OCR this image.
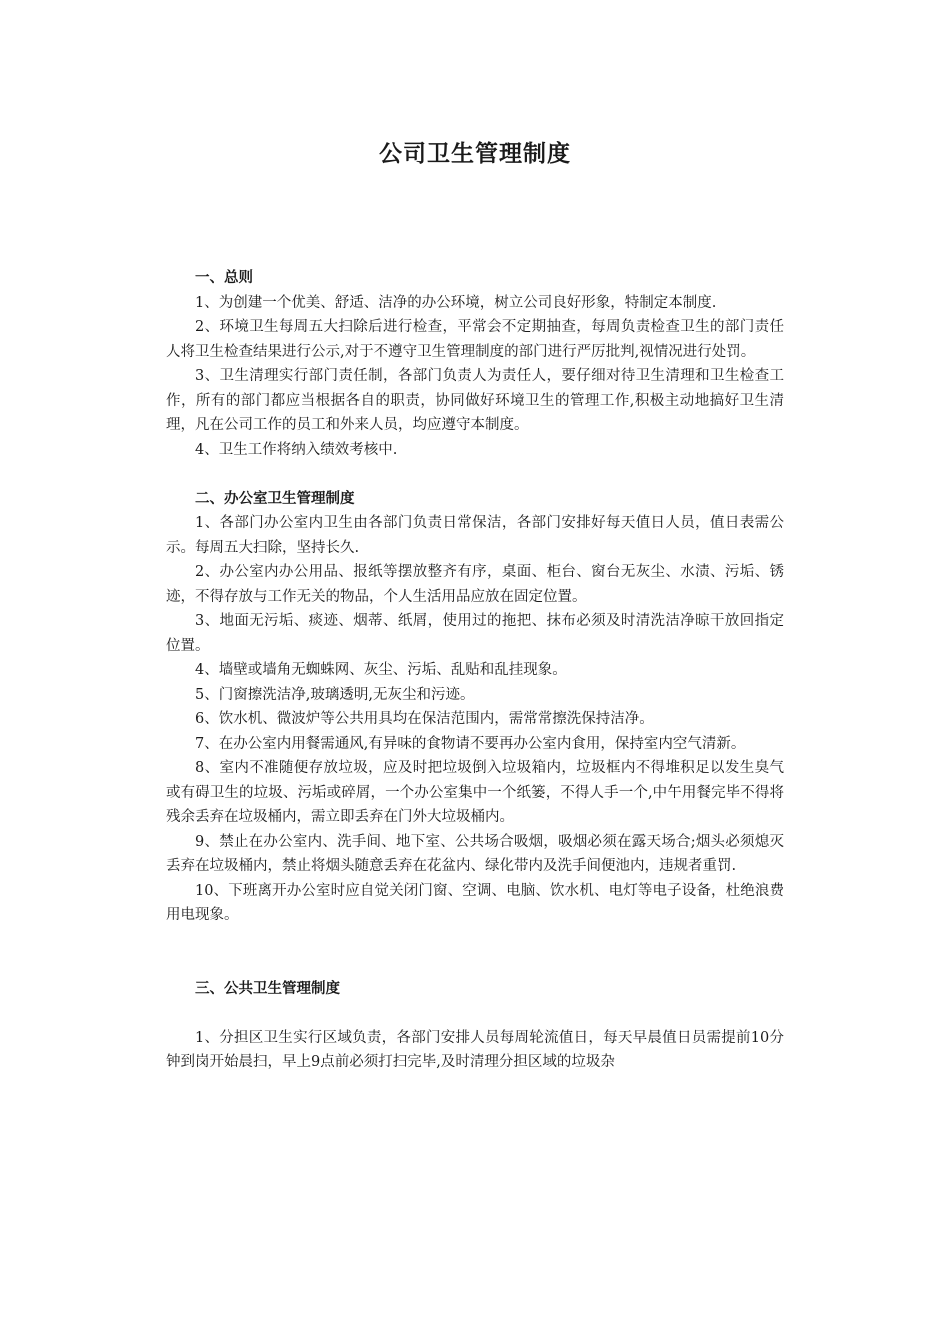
公司卫生管理制度
一、总则

1、为创建一个优美、舒适、洁净的办公环境，树立公司良好形象，特制定本制度.

2、环境卫生每周五大扫除后进行检查，平常会不定期抽查，每周负责检查卫生的部门责任人将卫生检查结果进行公示,对于不遵守卫生管理制度的部门进行严厉批判,视情况进行处罚。

3、卫生清理实行部门责任制，各部门负责人为责任人，要仔细对待卫生清理和卫生检查工作，所有的部门都应当根据各自的职责，协同做好环境卫生的管理工作,积极主动地搞好卫生清理，凡在公司工作的员工和外来人员，均应遵守本制度。

4、卫生工作将纳入绩效考核中.

二、办公室卫生管理制度

1、各部门办公室内卫生由各部门负责日常保洁，各部门安排好每天值日人员，值日表需公示。每周五大扫除，坚持长久.

2、办公室内办公用品、报纸等摆放整齐有序，桌面、柜台、窗台无灰尘、水渍、污垢、锈迹，不得存放与工作无关的物品，个人生活用品应放在固定位置。

3、地面无污垢、痰迹、烟蒂、纸屑，使用过的拖把、抹布必须及时清洗洁净晾干放回指定位置。

4、墙壁或墙角无蜘蛛网、灰尘、污垢、乱贴和乱挂现象。

5、门窗擦洗洁净,玻璃透明,无灰尘和污迹。

6、饮水机、微波炉等公共用具均在保洁范围内，需常常擦洗保持洁净。

7、在办公室内用餐需通风,有异味的食物请不要再办公室内食用，保持室内空气清新。

8、室内不准随便存放垃圾，应及时把垃圾倒入垃圾箱内，垃圾框内不得堆积足以发生臭气或有碍卫生的垃圾、污垢或碎屑，一个办公室集中一个纸篓，不得人手一个,中午用餐完毕不得将残余丢弃在垃圾桶内，需立即丢弃在门外大垃圾桶内。

9、禁止在办公室内、洗手间、地下室、公共场合吸烟，吸烟必须在露天场合;烟头必须熄灭丢弃在垃圾桶内，禁止将烟头随意丢弃在花盆内、绿化带内及洗手间便池内，违规者重罚.

10、下班离开办公室时应自觉关闭门窗、空调、电脑、饮水机、电灯等电子设备，杜绝浪费用电现象。

三、公共卫生管理制度

1、分担区卫生实行区域负责，各部门安排人员每周轮流值日，每天早晨值日员需提前10分钟到岗开始晨扫，早上9点前必须打扫完毕,及时清理分担区域的垃圾杂
